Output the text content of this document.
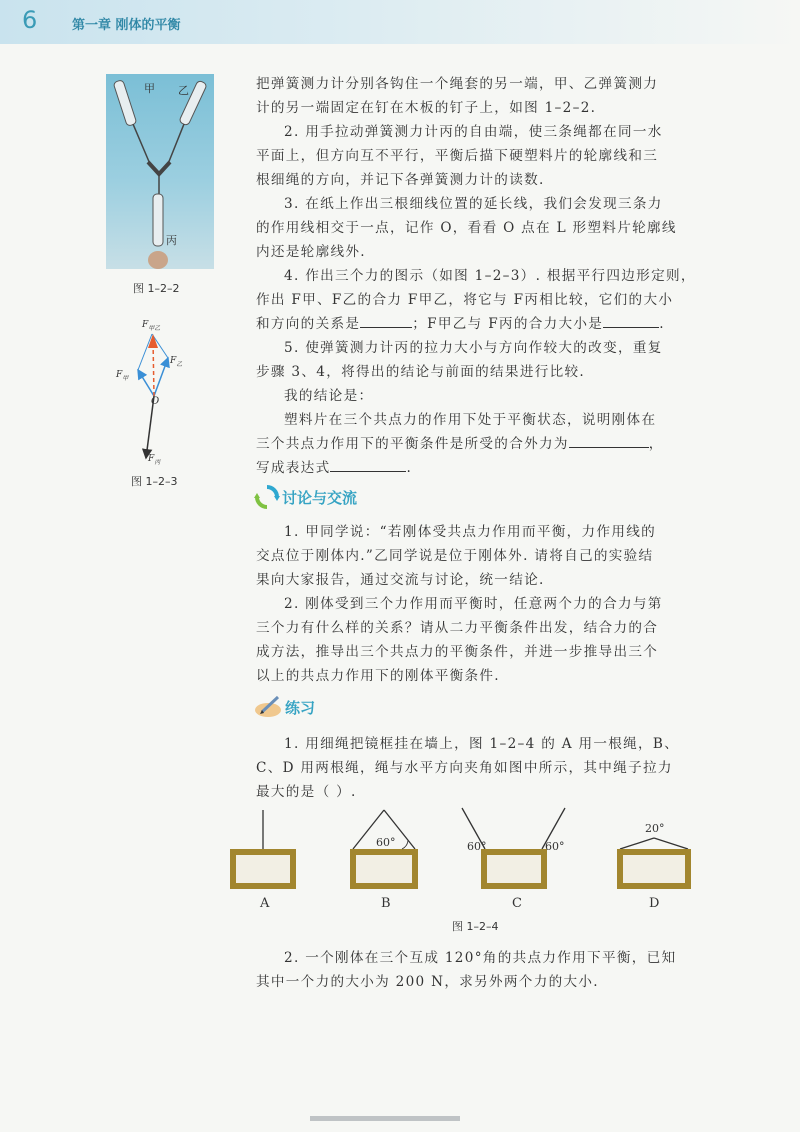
6	第一章 刚体的平衡
甲 乙
丙
图 1–2–2
$F_{甲乙}$
$F_乙$
$F_甲$
O
$F_丙$
图 1–2–3

把弹簧测力计分别各钩住一个绳套的另一端，甲、乙弹簧测力

计的另一端固定在钉在木板的钉子上，如图 1–2–2.

2. 用手拉动弹簧测力计丙的自由端，使三条绳都在同一水

平面上，但方向互不平行，平衡后描下硬塑料片的轮廓线和三

根细绳的方向，并记下各弹簧测力计的读数.

3. 在纸上作出三根细线位置的延长线，我们会发现三条力

的作用线相交于一点，记作 O，看看 O 点在 L 形塑料片轮廓线

内还是轮廓线外.

4. 作出三个力的图示（如图 1–2–3）. 根据平行四边形定则，

作出 F甲、F乙的合力 F甲乙，将它与 F丙相比较，它们的大小

和方向的关系是	；F甲乙与 F丙的合力大小是	.

5. 使弹簧测力计丙的拉力大小与方向作较大的改变，重复

步骤 3、4，将得出的结论与前面的结果进行比较.

我的结论是：

塑料片在三个共点力的作用下处于平衡状态，说明刚体在

三个共点力作用下的平衡条件是所受的合外力为	，

写成表达式	.

讨论与交流

1. 甲同学说：“若刚体受共点力作用而平衡，力作用线的

交点位于刚体内.”乙同学说是位于刚体外. 请将自己的实验结

果向大家报告，通过交流与讨论，统一结论.

2. 刚体受到三个力作用而平衡时，任意两个力的合力与第

三个力有什么样的关系？请从二力平衡条件出发，结合力的合

成方法，推导出三个共点力的平衡条件，并进一步推导出三个

以上的共点力作用下的刚体平衡条件.

练习

1. 用细绳把镜框挂在墙上，图 1–2–4 的 A 用一根绳，B、

C、D 用两根绳，绳与水平方向夹角如图中所示，其中绳子拉力

最大的是（ ）.

60°	60°	60°
20°
A	B	C	D
图 1–2–4

2. 一个刚体在三个互成 120°角的共点力作用下平衡，已知

其中一个力的大小为 200 N，求另外两个力的大小.
